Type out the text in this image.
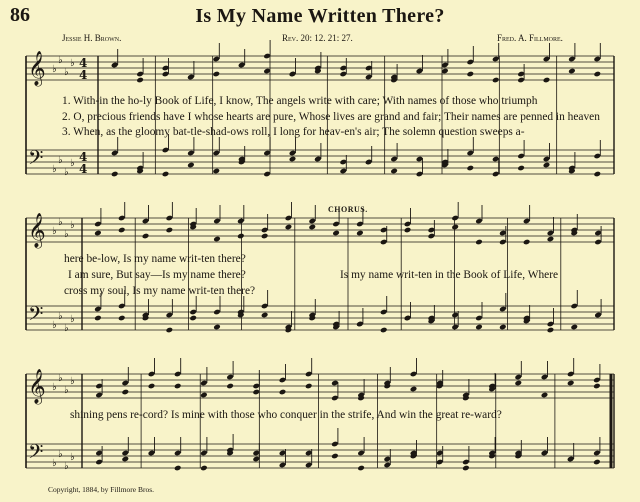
86	Is My Name Written There?
Jessie H. Brown.	Rev. 20: 12. 21: 27.	Fred. A. Fillmore.
𝄞
𝄢
♭
♭
♭
♭
♭
♭
♭
♭
4
4
4
4
𝄞
𝄢
♭
♭
♭
♭
♭
♭
♭
♭
𝄞
𝄢
♭
♭
♭
♭
♭
♭
♭
♭
1. With-in the ho-ly Book of Life, I know, The angels write with care; With names of those who triumph
2. O, precious friends have I whose hearts are pure, Whose lives are grand and fair; Their names are penned in heaven
3. When, as the gloomy bat-tle-shad-ows roll, I long for heav-en's air; The solemn question sweeps a-
CHORUS.
here be-low, Is my name writ-ten there?
I am sure, But say—Is my name there?
cross my soul, Is my name writ-ten there?
Is my name writ-ten in the Book of Life, Where
shining pens re-cord? Is mine with those who conquer in the strife, And win the great re-ward?
Copyright, 1884, by Fillmore Bros.
